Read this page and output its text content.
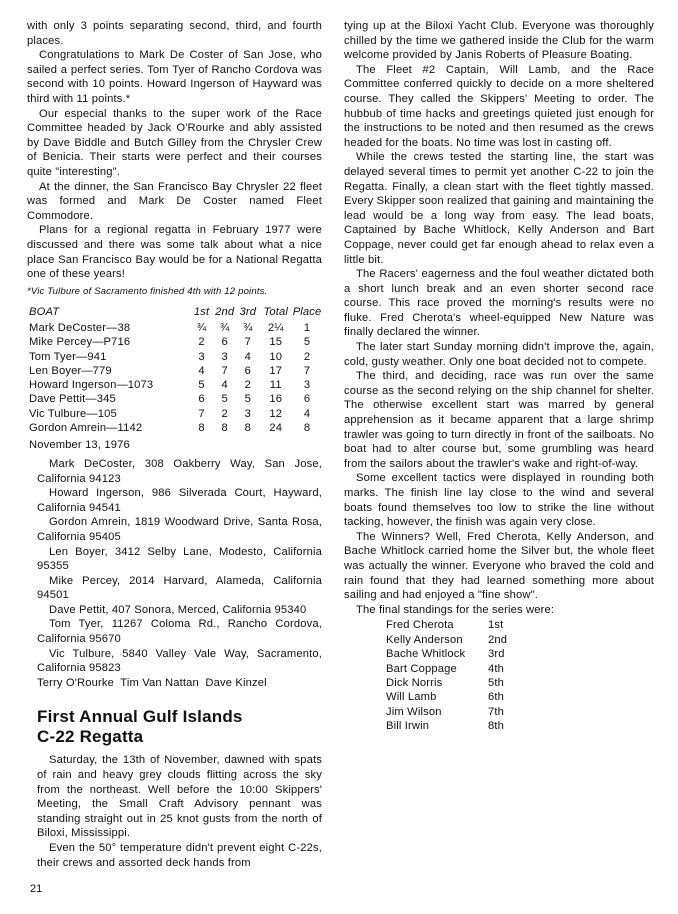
with only 3 points separating second, third, and fourth places.

Congratulations to Mark De Coster of San Jose, who sailed a perfect series. Tom Tyer of Rancho Cordova was second with 10 points. Howard Ingerson of Hayward was third with 11 points.*

Our especial thanks to the super work of the Race Committee headed by Jack O'Rourke and ably assisted by Dave Biddle and Butch Gilley from the Chrysler Crew of Benicia. Their starts were perfect and their courses quite "interesting".

At the dinner, the San Francisco Bay Chrysler 22 fleet was formed and Mark De Coster named Fleet Commodore.

Plans for a regional regatta in February 1977 were discussed and there was some talk about what a nice place San Francisco Bay would be for a National Regatta one of these years!

*Vic Tulbure of Sacramento finished 4th with 12 points.

BOAT	1st	2nd	3rd	Total	Place
Mark DeCoster—38	¾	¾	¾	2¼	1
Mike Percey—P716	2	6	7	15	5
Tom Tyer—941	3	3	4	10	2
Len Boyer—779	4	7	6	17	7
Howard Ingerson—1073	5	4	2	11	3
Dave Pettit—345	6	5	5	16	6
Vic Tulbure—105	7	2	3	12	4
Gordon Amrein—1142	8	8	8	24	8
November 13, 1976

Mark DeCoster, 308 Oakberry Way, San Jose, California 94123

Howard Ingerson, 986 Silverada Court, Hayward, California 94541

Gordon Amrein, 1819 Woodward Drive, Santa Rosa, California 95405

Len Boyer, 3412 Selby Lane, Modesto, California 95355

Mike Percey, 2014 Harvard, Alameda, California 94501

Dave Pettit, 407 Sonora, Merced, California 95340

Tom Tyer, 11267 Coloma Rd., Rancho Cordova, California 95670

Vic Tulbure, 5840 Valley Vale Way, Sacramento, California 95823

Terry O'Rourke  Tim Van Nattan  Dave Kinzel
First Annual Gulf Islands
C-22 Regatta

Saturday, the 13th of November, dawned with spats of rain and heavy grey clouds flitting across the sky from the northeast. Well before the 10:00 Skippers' Meeting, the Small Craft Advisory pennant was standing straight out in 25 knot gusts from the north of Biloxi, Mississippi.

Even the 50° temperature didn't prevent eight C-22s, their crews and assorted deck hands from

tying up at the Biloxi Yacht Club. Everyone was thoroughly chilled by the time we gathered inside the Club for the warm welcome provided by Janis Roberts of Pleasure Boating.

The Fleet #2 Captain, Will Lamb, and the Race Committee conferred quickly to decide on a more sheltered course. They called the Skippers' Meeting to order. The hubbub of time hacks and greetings quieted just enough for the instructions to be noted and then resumed as the crews headed for the boats. No time was lost in casting off.

While the crews tested the starting line, the start was delayed several times to permit yet another C-22 to join the Regatta. Finally, a clean start with the fleet tightly massed. Every Skipper soon realized that gaining and maintaining the lead would be a long way from easy. The lead boats, Captained by Bache Whitlock, Kelly Anderson and Bart Coppage, never could get far enough ahead to relax even a little bit.

The Racers' eagerness and the foul weather dictated both a short lunch break and an even shorter second race course. This race proved the morning's results were no fluke. Fred Cherota's wheel-equipped New Nature was finally declared the winner.

The later start Sunday morning didn't improve the, again, cold, gusty weather. Only one boat decided not to compete.

The third, and deciding, race was run over the same course as the second relying on the ship channel for shelter. The otherwise excellent start was marred by general apprehension as it became apparent that a large shrimp trawler was going to turn directly in front of the sailboats. No boat had to alter course but, some grumbling was heard from the sailors about the trawler's wake and right-of-way.

Some excellent tactics were displayed in rounding both marks. The finish line lay close to the wind and several boats found themselves too low to strike the line without tacking, however, the finish was again very close.

The Winners? Well, Fred Cherota, Kelly Anderson, and Bache Whitlock carried home the Silver but, the whole fleet was actually the winner. Everyone who braved the cold and rain found that they had learned something more about sailing and had enjoyed a "fine show".

The final standings for the series were:

Fred Cherota	1st
Kelly Anderson	2nd
Bache Whitlock	3rd
Bart Coppage	4th
Dick Norris	5th
Will Lamb	6th
Jim Wilson	7th
Bill Irwin	8th
21
